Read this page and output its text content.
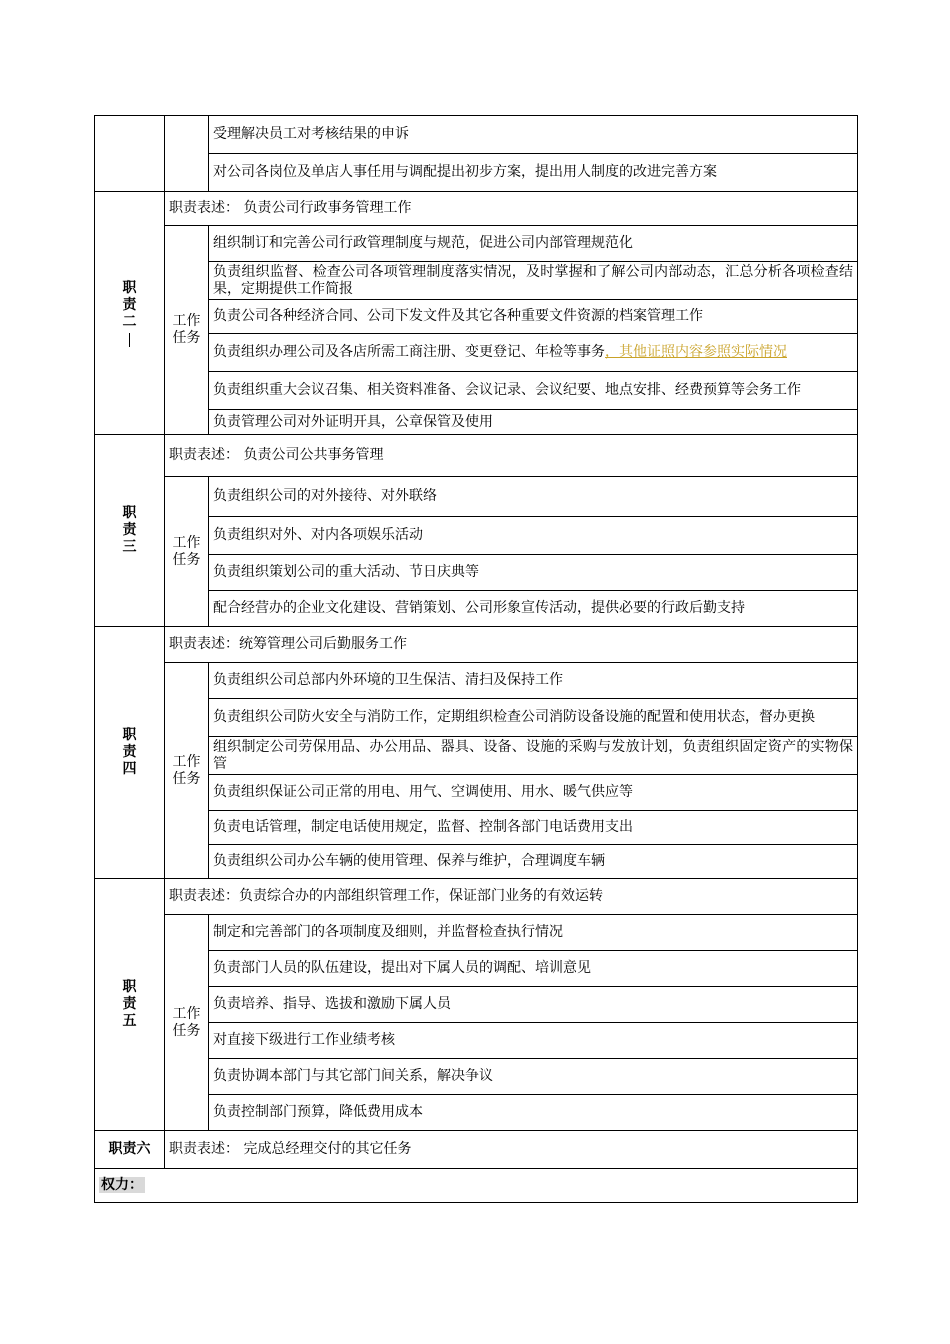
		受理解决员工对考核结果的申诉
		对公司各岗位及单店人事任用与调配提出初步方案，提出用人制度的改进完善方案

职
责
二	职责表述： 负责公司行政事务管理工作	

	工作
任务	组织制订和完善公司行政管理制度与规范，促进公司内部管理规范化
		负责组织监督、检查公司各项管理制度落实情况，及时掌握和了解公司内部动态，汇总分析各项检查结果，定期提供工作简报
		负责公司各种经济合同、公司下发文件及其它各种重要文件资源的档案管理工作
		负责组织办理公司及各店所需工商注册、变更登记、年检等事务，其他证照内容参照实际情况
		负责组织重大会议召集、相关资料准备、会议记录、会议纪要、地点安排、经费预算等会务工作
		负责管理公司对外证明开具，公章保管及使用

职
责
三	职责表述： 负责公司公共事务管理	

	工作
任务	负责组织公司的对外接待、对外联络
		负责组织对外、对内各项娱乐活动
		负责组织策划公司的重大活动、节日庆典等
		配合经营办的企业文化建设、营销策划、公司形象宣传活动，提供必要的行政后勤支持

职
责
四	职责表述：统筹管理公司后勤服务工作	

	工作
任务	负责组织公司总部内外环境的卫生保洁、清扫及保持工作
		负责组织公司防火安全与消防工作，定期组织检查公司消防设备设施的配置和使用状态，督办更换
		组织制定公司劳保用品、办公用品、器具、设备、设施的采购与发放计划，负责组织固定资产的实物保管
		负责组织保证公司正常的用电、用气、空调使用、用水、暖气供应等
		负责电话管理，制定电话使用规定，监督、控制各部门电话费用支出
		负责组织公司办公车辆的使用管理、保养与维护，合理调度车辆

职
责
五	职责表述：负责综合办的内部组织管理工作，保证部门业务的有效运转	

	工作
任务	制定和完善部门的各项制度及细则，并监督检查执行情况
		负责部门人员的队伍建设，提出对下属人员的调配、培训意见
		负责培养、指导、选拔和激励下属人员
		对直接下级进行工作业绩考核
		负责协调本部门与其它部门间关系，解决争议
		负责控制部门预算，降低费用成本
职责六	职责表述： 完成总经理交付的其它任务	
权力：		
